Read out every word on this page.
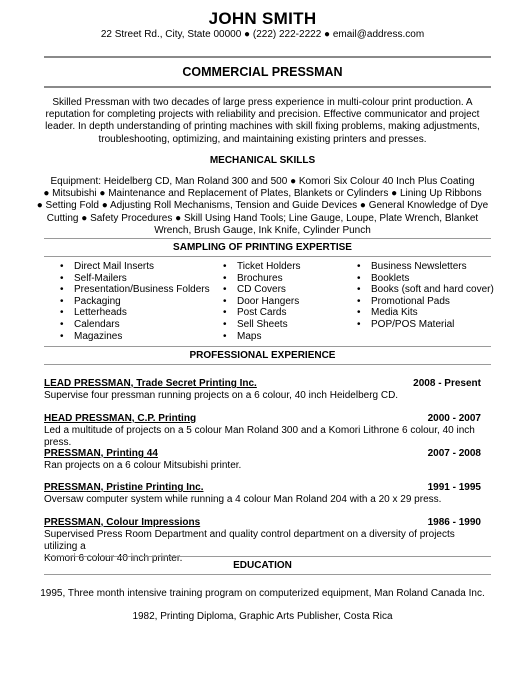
JOHN SMITH
22 Street Rd., City, State 00000 ● (222) 222-2222 ● email@address.com
COMMERCIAL PRESSMAN
Skilled Pressman with two decades of large press experience in multi-colour print production. A
reputation for completing projects with reliability and precision. Effective communicator and project
leader. In depth understanding of printing machines with skill fixing problems, making adjustments,
troubleshooting, optimizing, and maintaining existing printers and presses.
MECHANICAL SKILLS
Equipment: Heidelberg CD, Man Roland 300 and 500 ● Komori Six Colour 40 Inch Plus Coating
● Mitsubishi ● Maintenance and Replacement of Plates, Blankets or Cylinders ● Lining Up Ribbons
● Setting Fold ● Adjusting Roll Mechanisms, Tension and Guide Devices ● General Knowledge of Dye
Cutting ● Safety Procedures ● Skill Using Hand Tools; Line Gauge, Loupe, Plate Wrench, Blanket
Wrench, Brush Gauge, Ink Knife, Cylinder Punch
SAMPLING OF PRINTING EXPERTISE
• Direct Mail Inserts
• Self-Mailers
• Presentation/Business Folders
• Packaging
• Letterheads
• Calendars
• Magazines
• Ticket Holders
• Brochures
• CD Covers
• Door Hangers
• Post Cards
• Sell Sheets
• Maps
• Business Newsletters
• Booklets
• Books (soft and hard cover)
• Promotional Pads
• Media Kits
• POP/POS Material
PROFESSIONAL EXPERIENCE
LEAD PRESSMAN, Trade Secret Printing Inc.	2008 - Present
Supervise four pressman running projects on a 6 colour, 40 inch Heidelberg CD.
HEAD PRESSMAN, C.P. Printing	2000 - 2007
Led a multitude of projects on a 5 colour Man Roland 300 and a Komori Lithrone 6 colour, 40 inch press.
PRESSMAN, Printing 44	2007 - 2008
Ran projects on a 6 colour Mitsubishi printer.
PRESSMAN, Pristine Printing Inc.	1991 - 1995
Oversaw computer system while running a 4 colour Man Roland 204 with a 20 x 29 press.
PRESSMAN, Colour Impressions	1986 - 1990
Supervised Press Room Department and quality control department on a diversity of projects utilizing a
Komori 6 colour 40 inch printer.
EDUCATION
1995, Three month intensive training program on computerized equipment, Man Roland Canada Inc.
1982, Printing Diploma, Graphic Arts Publisher, Costa Rica
